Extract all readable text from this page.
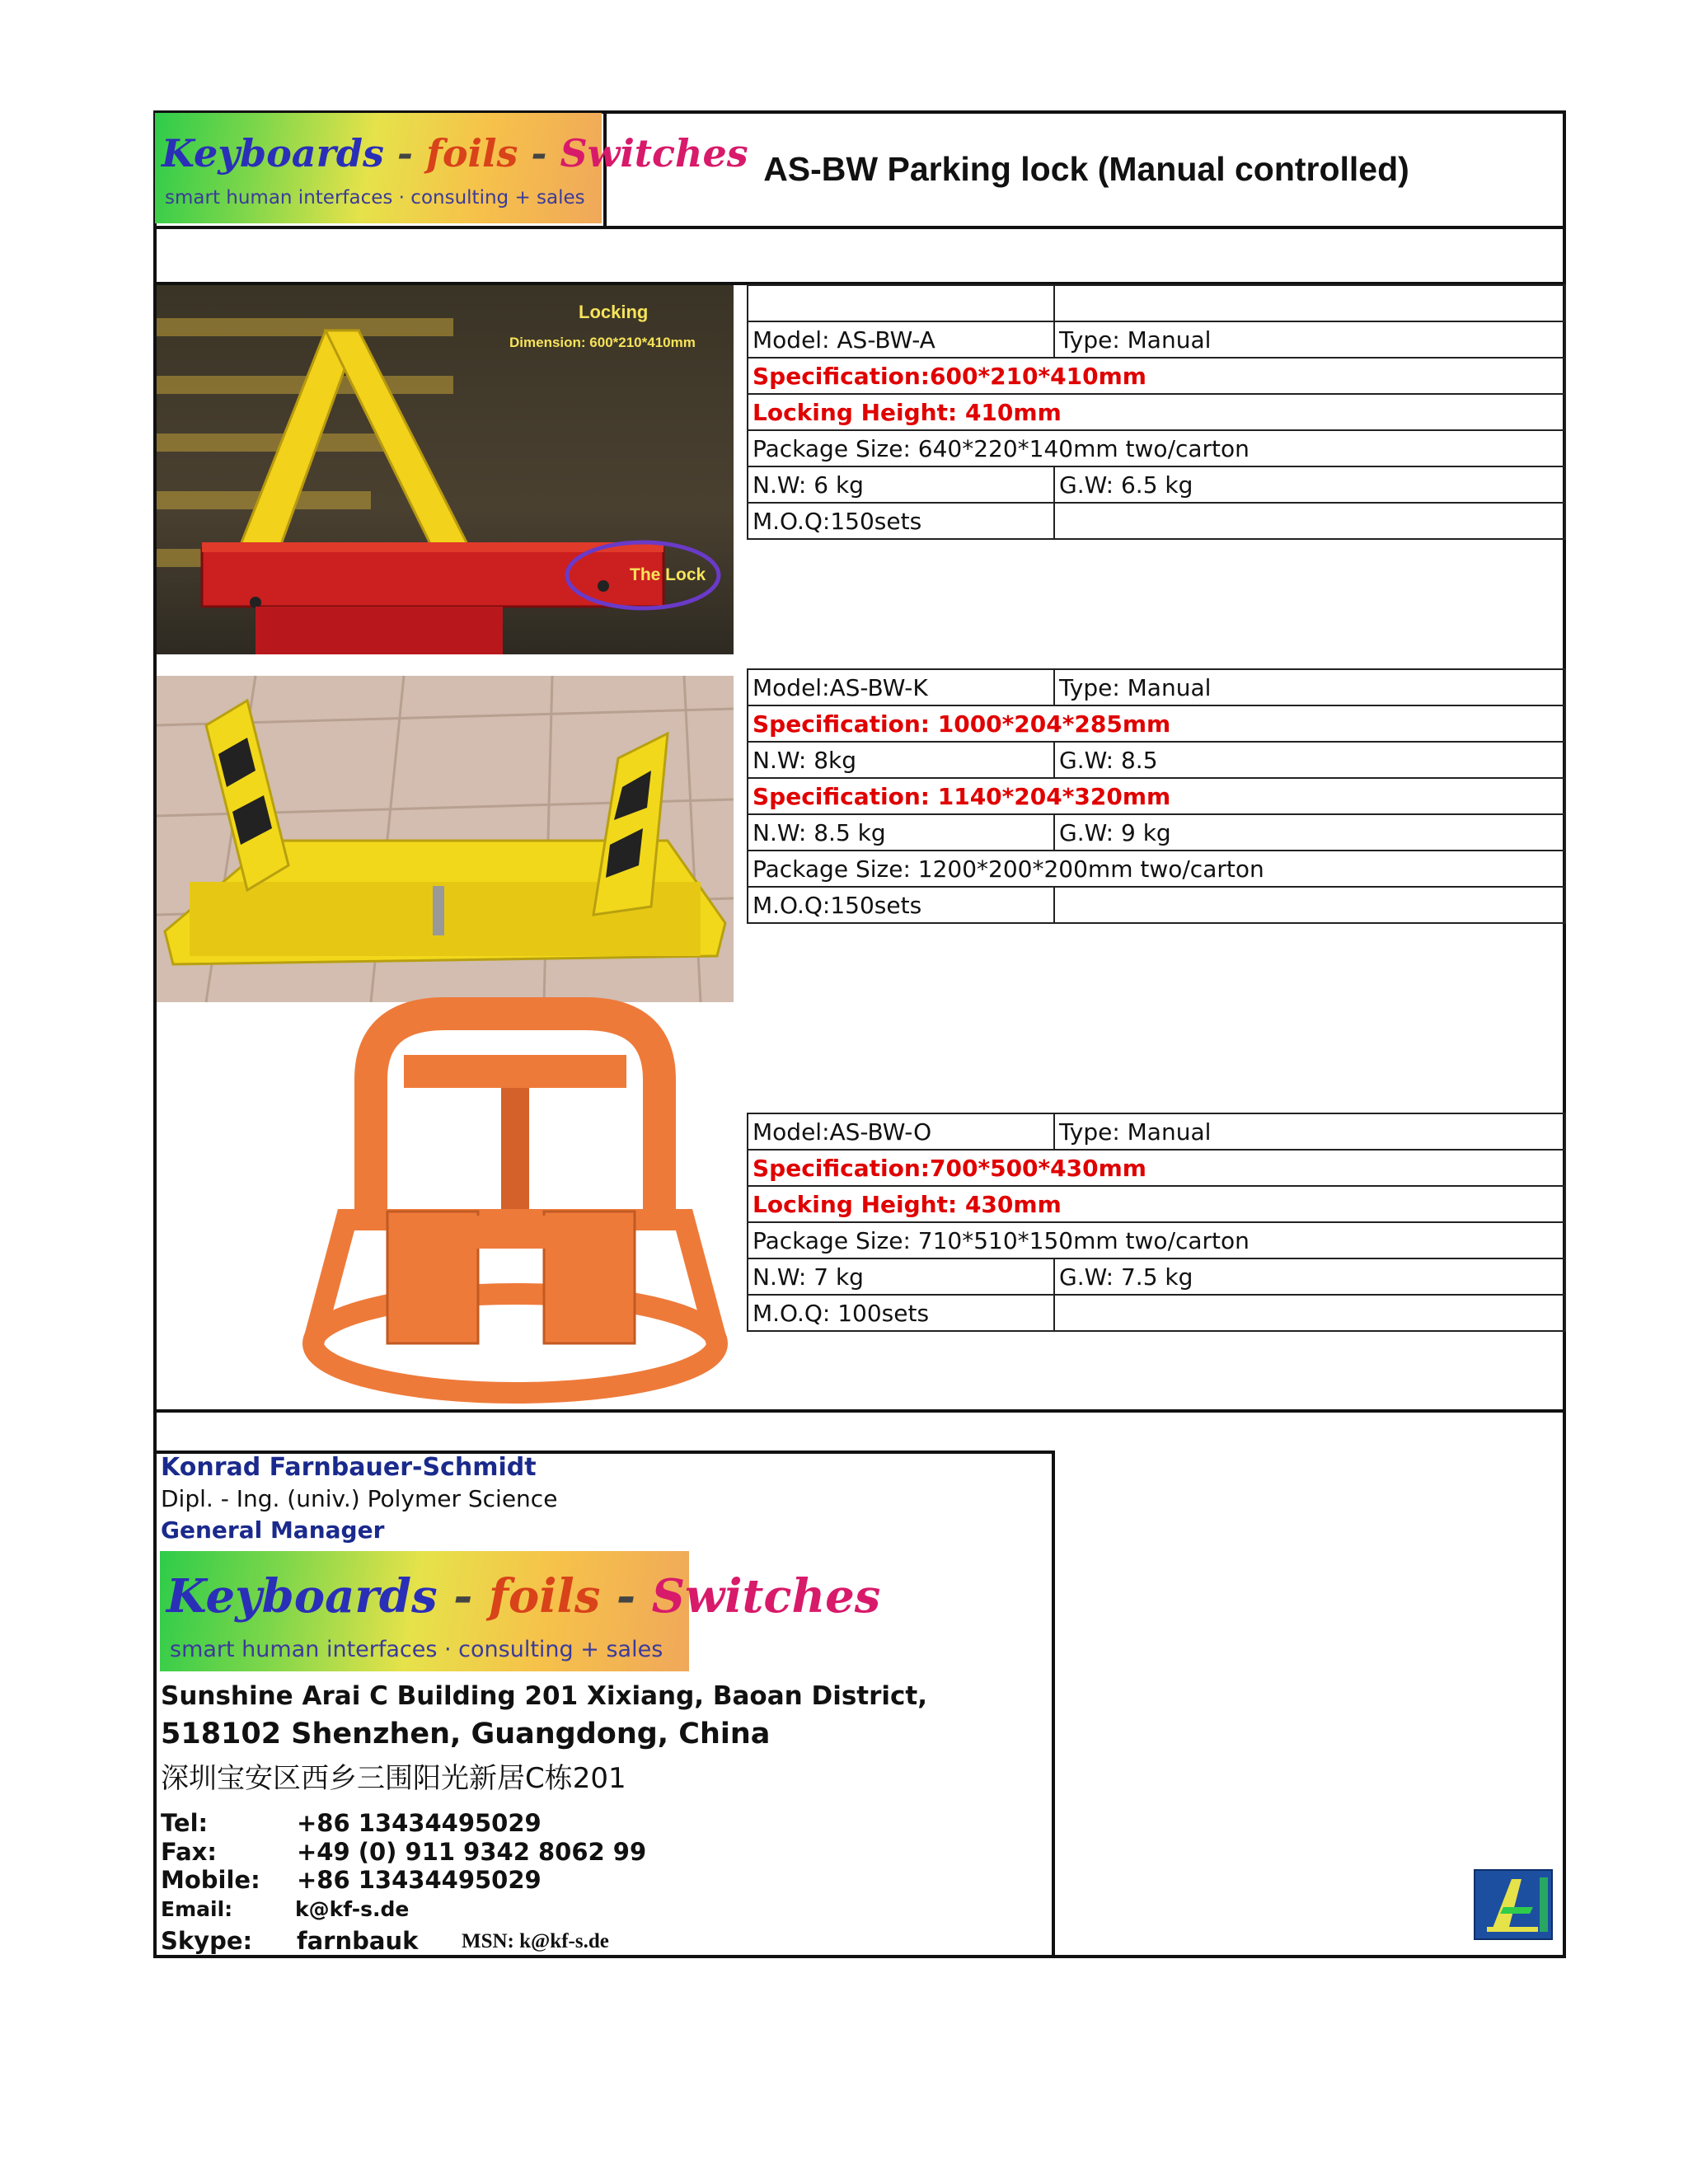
Keyboards - foils - Switches
smart human interfaces · consulting + sales
AS-BW Parking lock (Manual controlled)
Locking
Dimension: 600*210*410mm
The Lock

Model: AS-BW-A	Type: Manual
Specification:600*210*410mm	
Locking Height: 410mm	
Package Size: 640*220*140mm two/carton	
N.W: 6 kg	G.W: 6.5 kg
M.O.Q:150sets	
Model:AS-BW-K	Type: Manual
Specification: 1000*204*285mm	
N.W: 8kg	G.W: 8.5
Specification: 1140*204*320mm	
N.W: 8.5 kg	G.W: 9 kg
Package Size: 1200*200*200mm two/carton	
M.O.Q:150sets	
Model:AS-BW-O	Type: Manual
Specification:700*500*430mm	
Locking Height: 430mm	
Package Size: 710*510*150mm two/carton	
N.W: 7 kg	G.W: 7.5 kg
M.O.Q: 100sets	
Konrad Farnbauer-Schmidt
Dipl. - Ing. (univ.) Polymer Science
General Manager
Keyboards - foils - Switches
smart human interfaces · consulting + sales
Sunshine Arai C Building 201 Xixiang, Baoan District,
518102 Shenzhen, Guangdong, China
深圳宝安区西乡三围阳光新居C栋201
Tel:	+86 13434495029
Fax:	+49 (0) 911 9342 8062 99
Mobile: +86 13434495029
Email:	k@kf-s.de
Skype: farnbauk MSN: k@kf-s.de
